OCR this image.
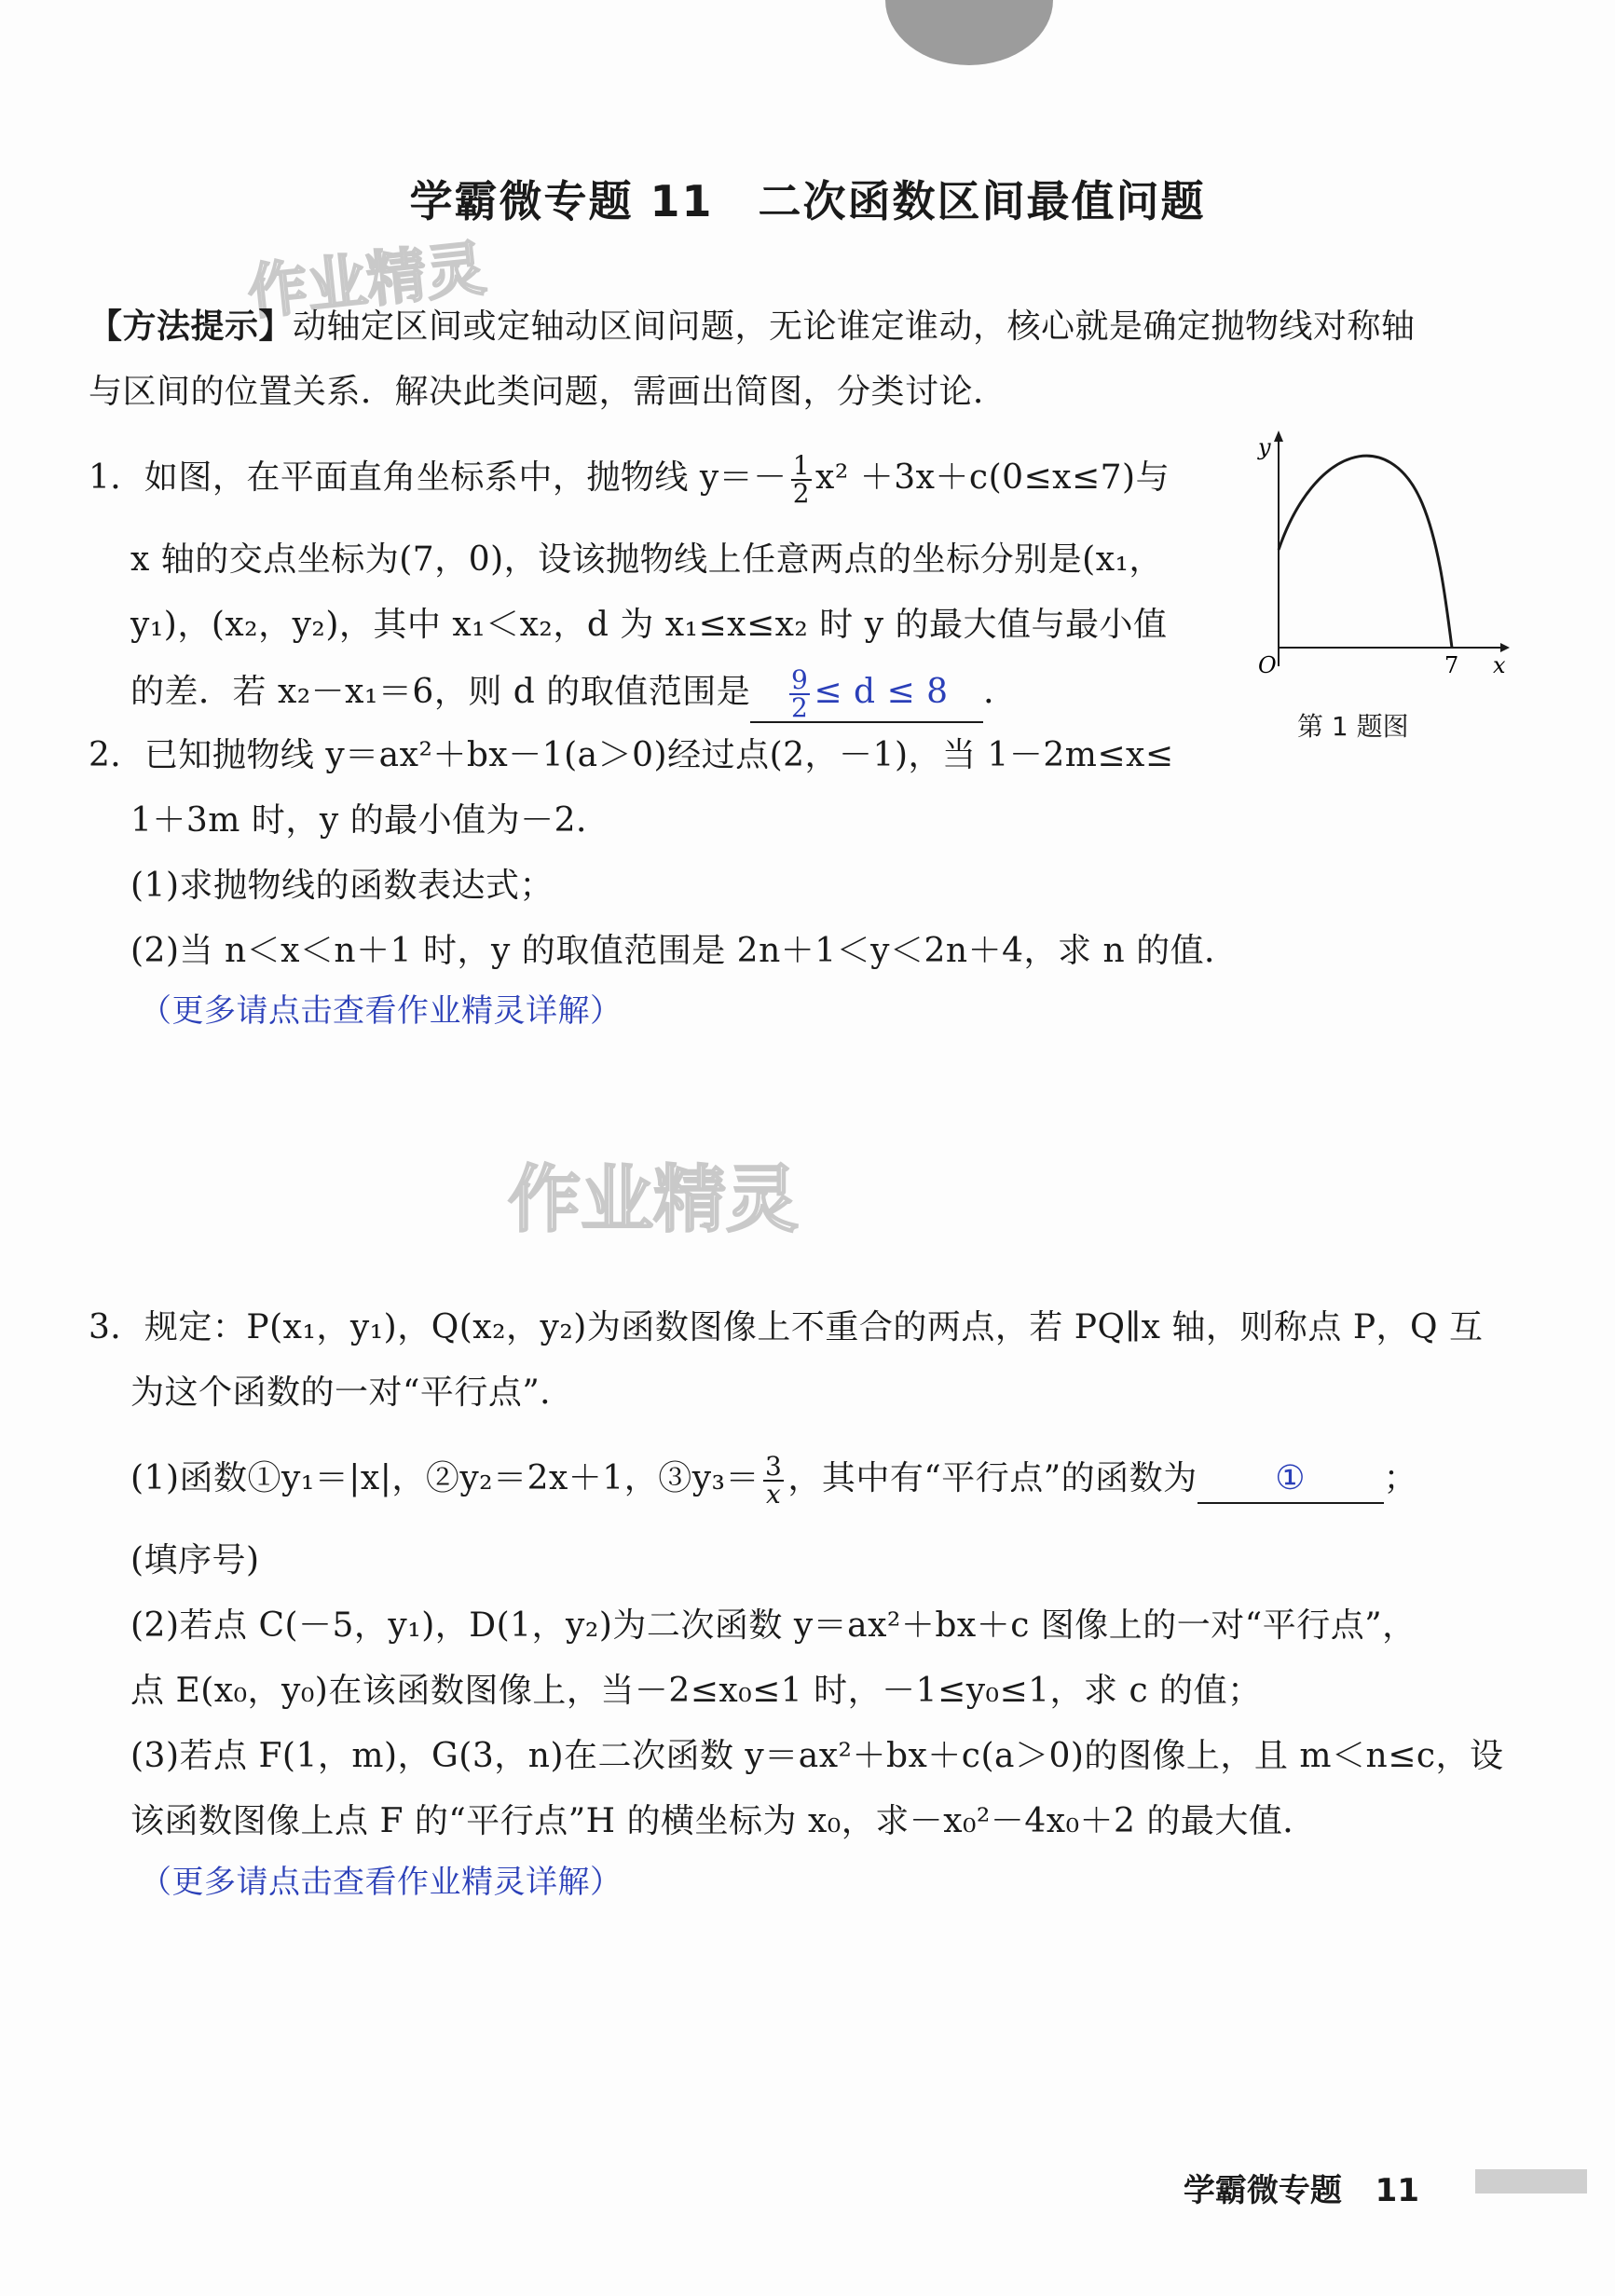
学霸微专题 11　二次函数区间最值问题
作业精灵
【方法提示】动轴定区间或定轴动区间问题，无论谁定谁动，核心就是确定抛物线对称轴
与区间的位置关系．解决此类问题，需画出简图，分类讨论．
1．如图，在平面直角坐标系中，抛物线 $y=- \frac{1}{2} x^2 +3x+c(0\le x\le 7)$与
x 轴的交点坐标为(7，0)，设该抛物线上任意两点的坐标分别是(x₁，
y₁)，(x₂，y₂)，其中 x₁＜x₂，d 为 x₁≤x≤x₂ 时 y 的最大值与最小值
的差．若 x₂－x₁＝6，则 d 的取值范围是 $\frac{9}{2} \le d \le 8$ ．
y
x
O	7
第 1 题图
2．已知抛物线 y＝ax²＋bx－1(a＞0)经过点(2，－1)，当 1－2m≤x≤
1＋3m 时，y 的最小值为－2．
(1)求抛物线的函数表达式；
(2)当 n＜x＜n＋1 时，y 的取值范围是 2n＋1＜y＜2n＋4，求 n 的值．
（更多请点击查看作业精灵详解）
作业精灵
3．规定：P(x₁，y₁)，Q(x₂，y₂)为函数图像上不重合的两点，若 PQ∥x 轴，则称点 P，Q 互
为这个函数的一对“平行点”．
(1)函数①y₁＝|x|，②y₂＝2x＋1，③y₃＝ $\frac{3}{x}$ ，其中有“平行点”的函数为 ① ；
(填序号)
(2)若点 C(－5，y₁)，D(1，y₂)为二次函数 y＝ax²＋bx＋c 图像上的一对“平行点”，
点 E(x₀，y₀)在该函数图像上，当－2≤x₀≤1 时，－1≤y₀≤1，求 c 的值；
(3)若点 F(1，m)，G(3，n)在二次函数 y＝ax²＋bx＋c(a＞0)的图像上，且 m＜n≤c，设
该函数图像上点 F 的“平行点”H 的横坐标为 x₀，求－x₀²－4x₀＋2 的最大值．
（更多请点击查看作业精灵详解）
学霸微专题 11
